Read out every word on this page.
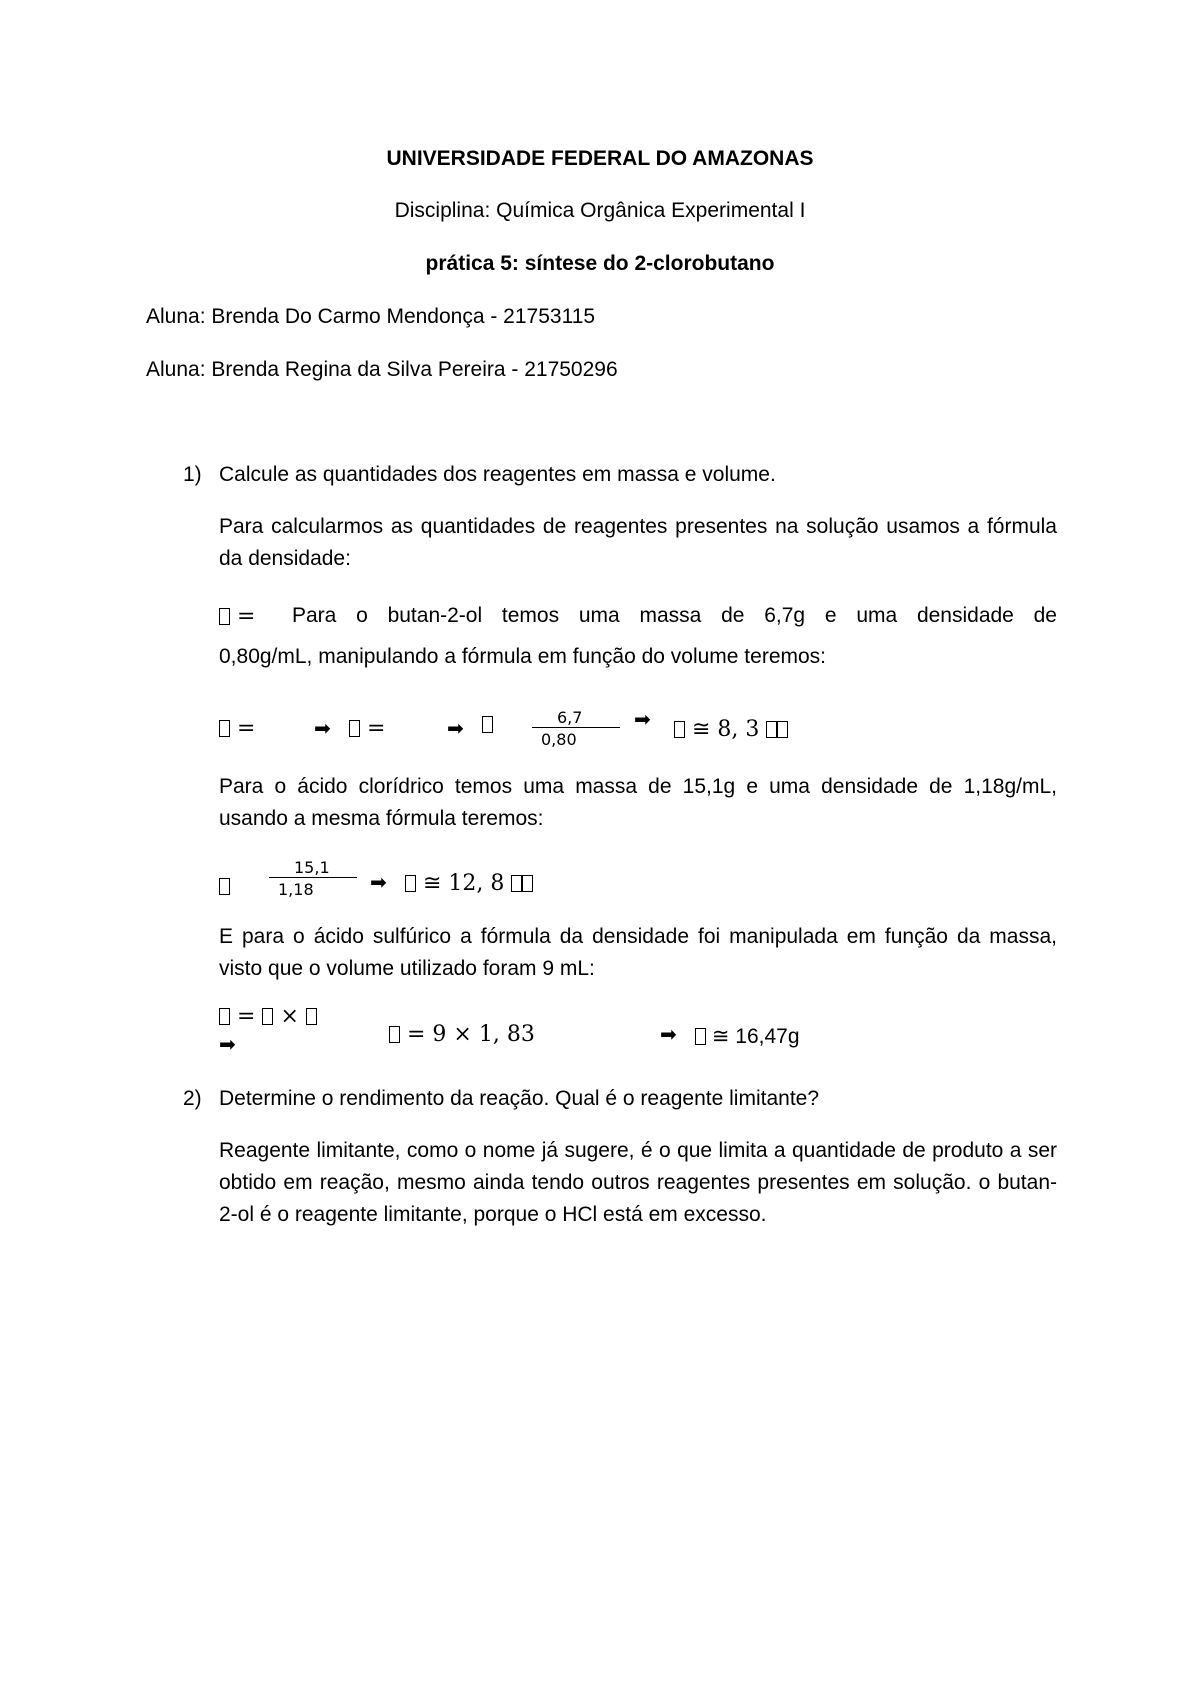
UNIVERSIDADE FEDERAL DO AMAZONAS
Disciplina: Química Orgânica Experimental I
prática 5: síntese do 2-clorobutano
Aluna: Brenda Do Carmo Mendonça - 21753115
Aluna: Brenda Regina da Silva Pereira - 21750296
1) Calcule as quantidades dos reagentes em massa e volume.
Para calcularmos as quantidades de reagentes presentes na solução usamos a fórmula da densidade:
= Para o butan-2-ol temos uma massa de 6,7g e uma densidade de
0,80g/mL, manipulando a fórmula em função do volume teremos:
=	➡	=	➡	6,7
0,80
➡	≅ 8, 3
Para o ácido clorídrico temos uma massa de 15,1g e uma densidade de 1,18g/mL, usando a mesma fórmula teremos:
15,1
1,18	➡	≅ 12, 8
E para o ácido sulfúrico a fórmula da densidade foi manipulada em função da massa, visto que o volume utilizado foram 9 mL:
= ×
➡	= 9 × 1, 83	➡	≅ 16,47g
2) Determine o rendimento da reação. Qual é o reagente limitante?
Reagente limitante, como o nome já sugere, é o que limita a quantidade de produto a ser obtido em reação, mesmo ainda tendo outros reagentes presentes em solução. o butan-2-ol é o reagente limitante, porque o HCl está em excesso.
